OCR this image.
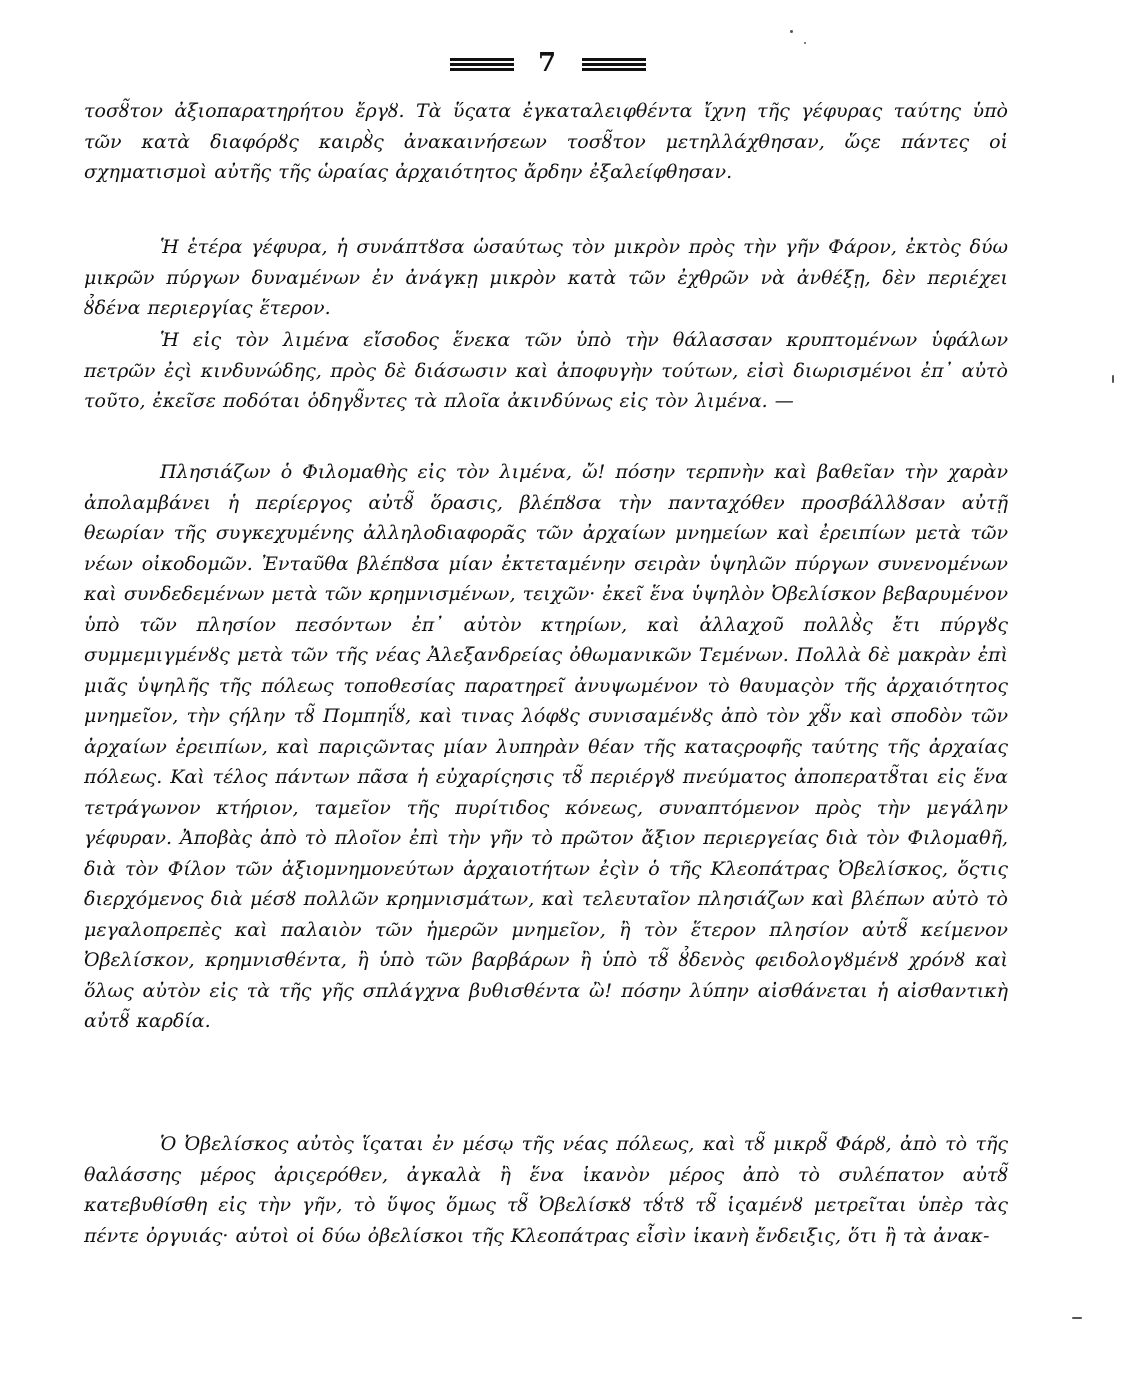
7

τοσȣ̃τον ἀξιοπαρατηρήτου ἔργȣ. Τὰ ὕςατα ἐγκαταλειφθέντα ἴχνη τῆς γέφυρας ταύτης ὑπὸ τῶν κατὰ διαφόρȣς καιρȣ̀ς ἀνακαινήσεων τοσȣ̃τον μετηλλάχθησαν, ὥςε πάντες οἱ σχηματισμοὶ αὐτῆς τῆς ὡραίας ἀρχαιότητος ἄρδην ἐξαλείφθησαν.

Ἡ ἑτέρα γέφυρα, ἡ συνάπτȣσα ὡσαύτως τὸν μικρὸν πρὸς τὴν γῆν Φάρον, ἐκτὸς δύω μικρῶν πύργων δυναμένων ἐν ἀνάγκῃ μικρὸν κατὰ τῶν ἐχθρῶν νὰ ἀνθέξῃ, δὲν περιέχει ȣ̉δένα περιεργίας ἕτερον.

Ἡ εἰς τὸν λιμένα εἴσοδος ἕνεκα τῶν ὑπὸ τὴν θάλασσαν κρυπτομένων ὑφάλων πετρῶν ἐςὶ κινδυνώδης, πρὸς δὲ διάσωσιν καὶ ἀποφυγὴν τούτων, εἰσὶ διωρισμένοι ἐπ᾽ αὐτὸ τοῦτο, ἐκεῖσε ποδόται ὁδηγȣ̃ντες τὰ πλοῖα ἀκινδύνως εἰς τὸν λιμένα. —

Πλησιάζων ὁ Φιλομαθὴς εἰς τὸν λιμένα, ὤ! πόσην τερπνὴν καὶ βαθεῖαν τὴν χαρὰν ἀπολαμβάνει ἡ περίεργος αὐτȣ̃ ὅρασις, βλέπȣσα τὴν πανταχόθεν προσβάλλȣσαν αὐτῇ θεωρίαν τῆς συγκεχυμένης ἀλληλοδιαφορᾶς τῶν ἀρχαίων μνημείων καὶ ἐρειπίων μετὰ τῶν νέων οἰκοδομῶν. Ἐνταῦθα βλέπȣσα μίαν ἐκτεταμένην σειρὰν ὑψηλῶν πύργων συνενομένων καὶ συνδεδεμένων μετὰ τῶν κρημνισμένων, τειχῶν· ἐκεῖ ἕνα ὑψηλὸν Ὀβελίσκον βεβαρυμένον ὑπὸ τῶν πλησίον πεσόντων ἐπ᾽ αὐτὸν κτηρίων, καὶ ἀλλαχοῦ πολλȣ̀ς ἔτι πύργȣς συμμεμιγμένȣς μετὰ τῶν τῆς νέας Ἀλεξανδρείας ὀθωμανικῶν Τεμένων. Πολλὰ δὲ μακρὰν ἐπὶ μιᾶς ὑψηλῆς τῆς πόλεως τοποθεσίας παρατηρεῖ ἀνυψωμένον τὸ θαυμαςὸν τῆς ἀρχαιότητος μνημεῖον, τὴν ςήλην τȣ̃ Πομπηΐȣ, καὶ τινας λόφȣς συνισαμένȣς ἀπὸ τὸν χȣ̃ν καὶ σποδὸν τῶν ἀρχαίων ἐρειπίων, καὶ παριςῶντας μίαν λυπηρὰν θέαν τῆς καταςροφῆς ταύτης τῆς ἀρχαίας πόλεως. Καὶ τέλος πάντων πᾶσα ἡ εὐχαρίςησις τȣ̃ περιέργȣ πνεύματος ἀποπερατȣ̃ται εἰς ἕνα τετράγωνον κτήριον, ταμεῖον τῆς πυρίτιδος κόνεως, συναπτόμενον πρὸς τὴν μεγάλην γέφυραν. Ἀποβὰς ἀπὸ τὸ πλοῖον ἐπὶ τὴν γῆν τὸ πρῶτον ἄξιον περιεργείας διὰ τὸν Φιλομαθῆ, διὰ τὸν Φίλον τῶν ἀξιομνημονεύτων ἀρχαιοτήτων ἐςὶν ὁ τῆς Κλεοπάτρας Ὀβελίσκος, ὅςτις διερχόμενος διὰ μέσȣ πολλῶν κρημνισμάτων, καὶ τελευταῖον πλησιάζων καὶ βλέπων αὐτὸ τὸ μεγαλοπρεπὲς καὶ παλαιὸν τῶν ἡμερῶν μνημεῖον, ἢ τὸν ἕτερον πλησίον αὐτȣ̃ κείμενον Ὀβελίσκον, κρημνισθέντα, ἢ ὑπὸ τῶν βαρβάρων ἢ ὑπὸ τȣ̃ ȣ̉δενὸς φειδολογȣμένȣ χρόνȣ καὶ ὅλως αὐτὸν εἰς τὰ τῆς γῆς σπλάγχνα βυθισθέντα ὢ! πόσην λύπην αἰσθάνεται ἡ αἰσθαντικὴ αὐτȣ̃ καρδία.

Ὁ Ὀβελίσκος αὐτὸς ἵςαται ἐν μέσῳ τῆς νέας πόλεως, καὶ τȣ̃ μικρȣ̃ Φάρȣ, ἀπὸ τὸ τῆς θαλάσσης μέρος ἀριςερόθεν, ἀγκαλὰ ἢ ἕνα ἱκανὸν μέρος ἀπὸ τὸ συλέπατον αὐτȣ̃ κατεβυθίσθη εἰς τὴν γῆν, τὸ ὕψος ὅμως τȣ̃ Ὀβελίσκȣ τȣ́τȣ τȣ̃ ἱςαμένȣ μετρεῖται ὑπὲρ τὰς πέντε ὀργυιάς· αὐτοὶ οἱ δύω ὀβελίσκοι τῆς Κλεοπάτρας εἶσὶν ἱκανὴ ἔνδειξις, ὅτι ἢ τὰ ἀνακ-
